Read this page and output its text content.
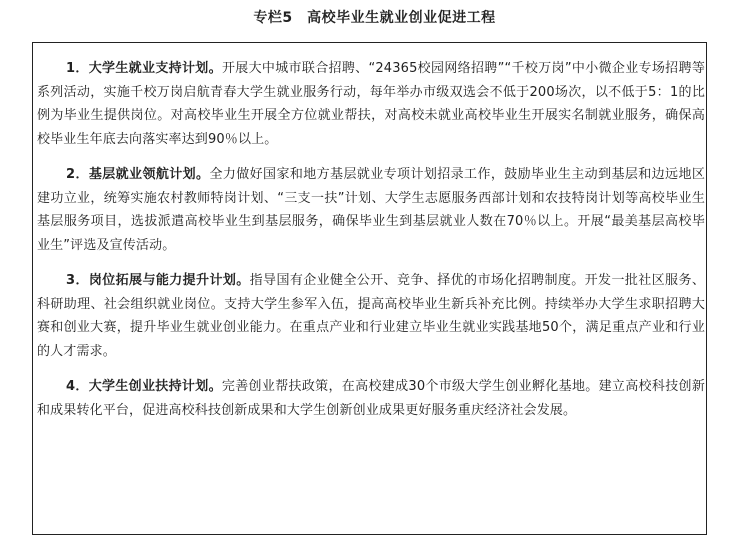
专栏5　高校毕业生就业创业促进工程

1．大学生就业支持计划。开展大中城市联合招聘、“24365校园网络招聘”“千校万岗”中小微企业专场招聘等系列活动，实施千校万岗启航青春大学生就业服务行动，每年举办市级双选会不低于200场次，以不低于5：1的比例为毕业生提供岗位。对高校毕业生开展全方位就业帮扶，对高校未就业高校毕业生开展实名制就业服务，确保高校毕业生年底去向落实率达到90％以上。

2．基层就业领航计划。全力做好国家和地方基层就业专项计划招录工作，鼓励毕业生主动到基层和边远地区建功立业，统筹实施农村教师特岗计划、“三支一扶”计划、大学生志愿服务西部计划和农技特岗计划等高校毕业生基层服务项目，选拔派遣高校毕业生到基层服务，确保毕业生到基层就业人数在70％以上。开展“最美基层高校毕业生”评选及宣传活动。

3．岗位拓展与能力提升计划。指导国有企业健全公开、竞争、择优的市场化招聘制度。开发一批社区服务、科研助理、社会组织就业岗位。支持大学生参军入伍，提高高校毕业生新兵补充比例。持续举办大学生求职招聘大赛和创业大赛，提升毕业生就业创业能力。在重点产业和行业建立毕业生就业实践基地50个，满足重点产业和行业的人才需求。

4．大学生创业扶持计划。完善创业帮扶政策，在高校建成30个市级大学生创业孵化基地。建立高校科技创新和成果转化平台，促进高校科技创新成果和大学生创新创业成果更好服务重庆经济社会发展。
